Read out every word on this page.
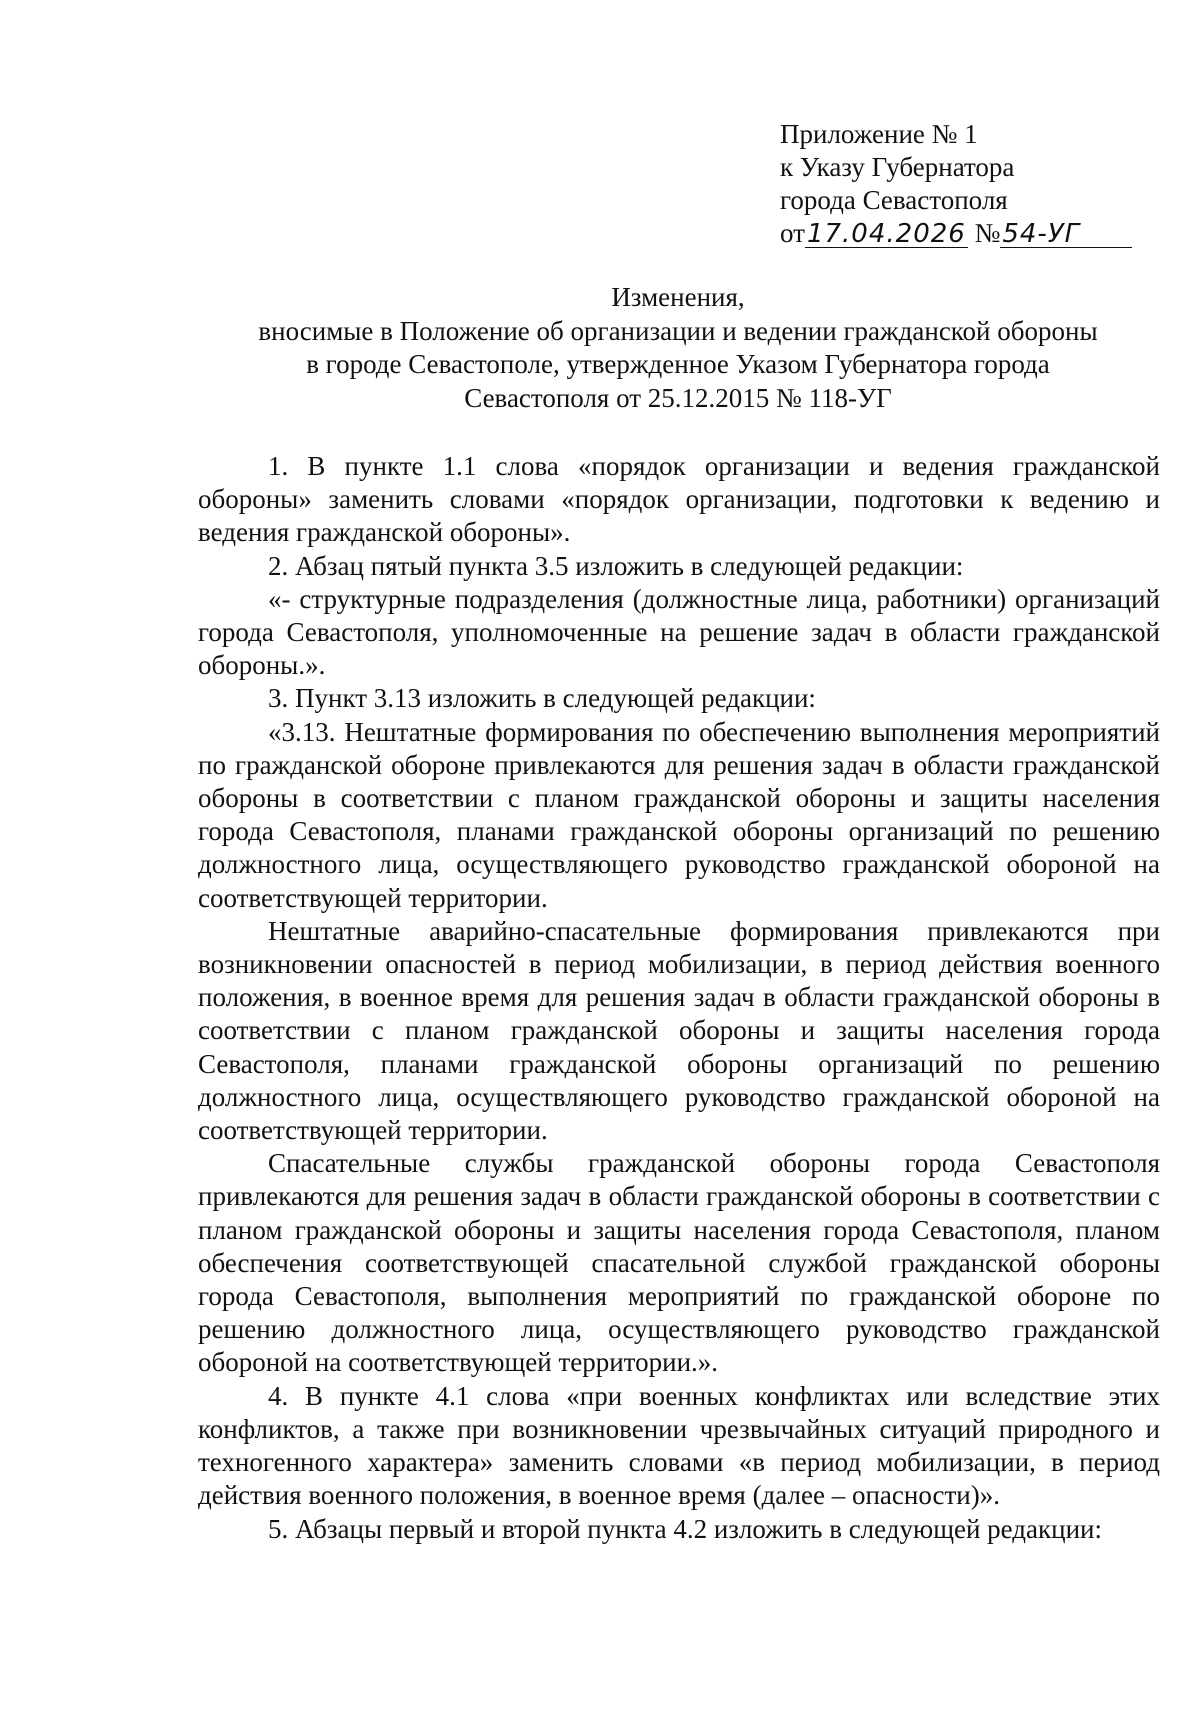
Приложение № 1
к Указу Губернатора
города Севастополя
от17.04.2026 №54-УГ
Изменения,
вносимые в Положение об организации и ведении гражданской обороны
в городе Севастополе, утвержденное Указом Губернатора города
Севастополя от 25.12.2015 № 118-УГ

1. В пункте 1.1 слова «порядок организации и ведения гражданской обороны» заменить словами «порядок организации, подготовки к ведению и ведения гражданской обороны».

2. Абзац пятый пункта 3.5 изложить в следующей редакции:

«- структурные подразделения (должностные лица, работники) организаций города Севастополя, уполномоченные на решение задач в области гражданской обороны.».

3. Пункт 3.13 изложить в следующей редакции:

«3.13. Нештатные формирования по обеспечению выполнения мероприятий по гражданской обороне привлекаются для решения задач в области гражданской обороны в соответствии с планом гражданской обороны и защиты населения города Севастополя, планами гражданской обороны организаций по решению должностного лица, осуществляющего руководство гражданской обороной на соответствующей территории.

Нештатные аварийно-спасательные формирования привлекаются при возникновении опасностей в период мобилизации, в период действия военного положения, в военное время для решения задач в области гражданской обороны в соответствии с планом гражданской обороны и защиты населения города Севастополя, планами гражданской обороны организаций по решению должностного лица, осуществляющего руководство гражданской обороной на соответствующей территории.

Спасательные службы гражданской обороны города Севастополя привлекаются для решения задач в области гражданской обороны в соответствии с планом гражданской обороны и защиты населения города Севастополя, планом обеспечения соответствующей спасательной службой гражданской обороны города Севастополя, выполнения мероприятий по гражданской обороне по решению должностного лица, осуществляющего руководство гражданской обороной на соответствующей территории.».

4. В пункте 4.1 слова «при военных конфликтах или вследствие этих конфликтов, а также при возникновении чрезвычайных ситуаций природного и техногенного характера» заменить словами «в период мобилизации, в период действия военного положения, в военное время (далее – опасности)».

5. Абзацы первый и второй пункта 4.2 изложить в следующей редакции:
